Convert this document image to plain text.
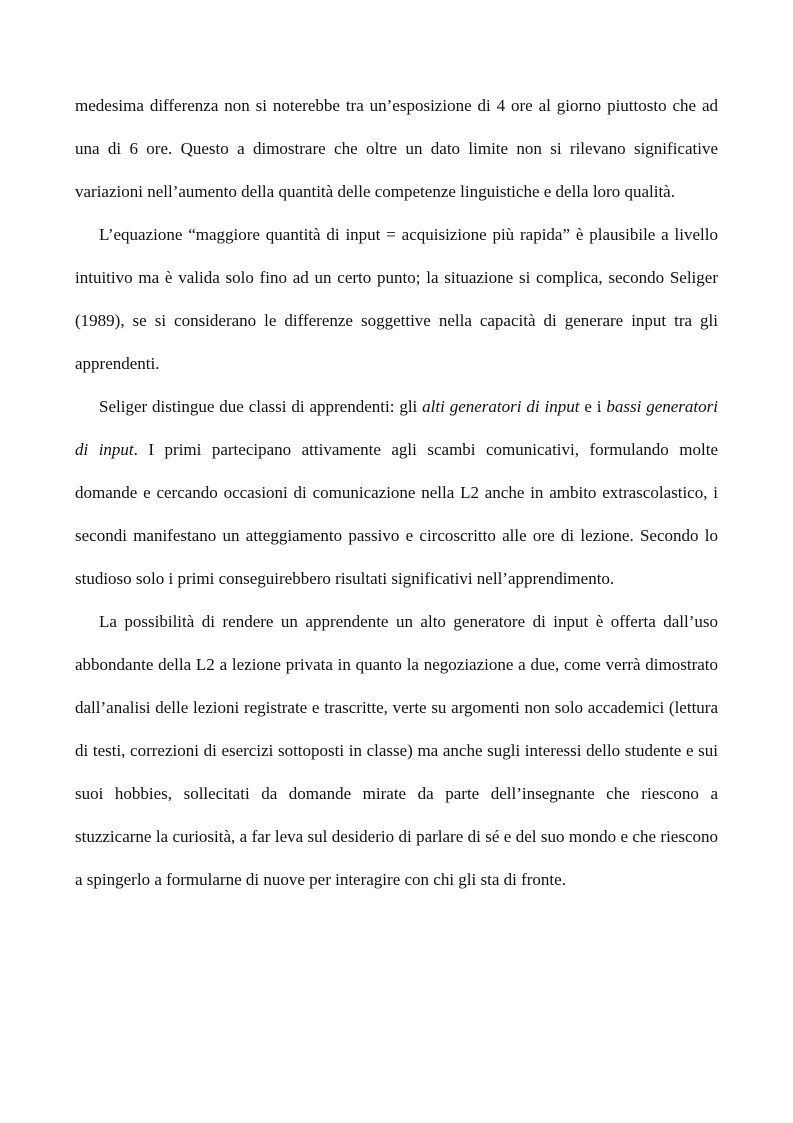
medesima differenza non si noterebbe tra un’esposizione di 4 ore al giorno piuttosto che ad una di 6 ore. Questo a dimostrare che oltre un dato limite non si rilevano significative variazioni nell’aumento della quantità delle competenze linguistiche e della loro qualità.

L’equazione “maggiore quantità di input = acquisizione più rapida” è plausibile a livello intuitivo ma è valida solo fino ad un certo punto; la situazione si complica, secondo Seliger (1989), se si considerano le differenze soggettive nella capacità di generare input tra gli apprendenti.

Seliger distingue due classi di apprendenti: gli alti generatori di input e i bassi generatori di input. I primi partecipano attivamente agli scambi comunicativi, formulando molte domande e cercando occasioni di comunicazione nella L2 anche in ambito extrascolastico, i secondi manifestano un atteggiamento passivo e circoscritto alle ore di lezione. Secondo lo studioso solo i primi conseguirebbero risultati significativi nell’apprendimento.

La possibilità di rendere un apprendente un alto generatore di input è offerta dall’uso abbondante della L2 a lezione privata in quanto la negoziazione a due, come verrà dimostrato dall’analisi delle lezioni registrate e trascritte, verte su argomenti non solo accademici (lettura di testi, correzioni di esercizi sottoposti in classe) ma anche sugli interessi dello studente e sui suoi hobbies, sollecitati da domande mirate da parte dell’insegnante che riescono a stuzzicarne la curiosità, a far leva sul desiderio di parlare di sé e del suo mondo e che riescono a spingerlo a formularne di nuove per interagire con chi gli sta di fronte.
